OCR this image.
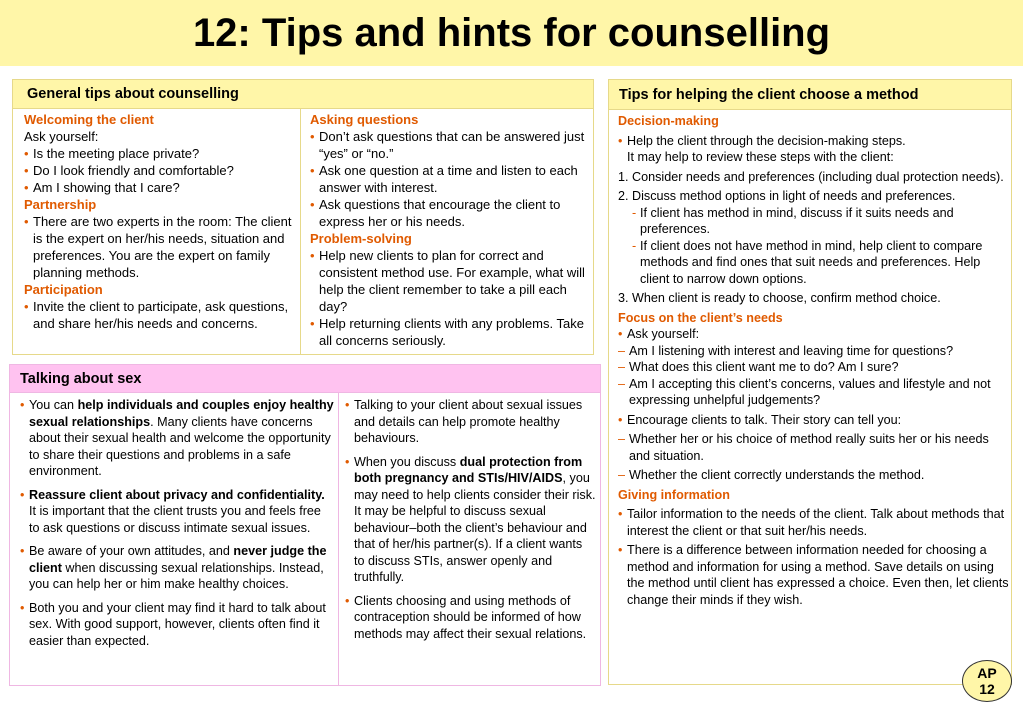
12: Tips and hints for counselling
General tips about counselling
Welcoming the client
Ask yourself:
• Is the meeting place private?
• Do I look friendly and comfortable?
• Am I showing that I care?
Partnership
• There are two experts in the room: The client is the expert on her/his needs, situation and preferences. You are the expert on family planning methods.
Participation
• Invite the client to participate, ask questions, and share her/his needs and concerns.
Asking questions
• Don’t ask questions that can be answered just “yes” or “no.”
• Ask one question at a time and listen to each answer with interest.
• Ask questions that encourage the client to express her or his needs.
Problem-solving
• Help new clients to plan for correct and consistent method use. For example, what will help the client remember to take a pill each day?
• Help returning clients with any problems. Take all concerns seriously.
Talking about sex
• You can help individuals and couples enjoy healthy sexual relationships. Many clients have concerns about their sexual health and welcome the opportunity to share their questions and problems in a safe environment.
• Reassure client about privacy and confidentiality. It is important that the client trusts you and feels free to ask questions or discuss intimate sexual issues.
• Be aware of your own attitudes, and never judge the client when discussing sexual relationships. Instead, you can help her or him make healthy choices.
• Both you and your client may find it hard to talk about sex. With good support, however, clients often find it easier than expected.
• Talking to your client about sexual issues and details can help promote healthy behaviours.
• When you discuss dual protection from both pregnancy and STIs/HIV/AIDS, you may need to help clients consider their risk. It may be helpful to discuss sexual behaviour–both the client’s behaviour and that of her/his partner(s). If a client wants to discuss STIs, answer openly and truthfully.
• Clients choosing and using methods of contraception should be informed of how methods may affect their sexual relations.
Tips for helping the client choose a method
Decision-making
• Help the client through the decision-making steps.
It may help to review these steps with the client:
1. Consider needs and preferences (including dual protection needs).
2. Discuss method options in light of needs and preferences.
- If client has method in mind, discuss if it suits needs and preferences.
- If client does not have method in mind, help client to compare methods and find ones that suit needs and preferences. Help client to narrow down options.
3. When client is ready to choose, confirm method choice.
Focus on the client’s needs
• Ask yourself:
– Am I listening with interest and leaving time for questions?
– What does this client want me to do? Am I sure?
– Am I accepting this client’s concerns, values and lifestyle and not expressing unhelpful judgements?
• Encourage clients to talk. Their story can tell you:
– Whether her or his choice of method really suits her or his needs and situation.
– Whether the client correctly understands the method.
Giving information
• Tailor information to the needs of the client. Talk about methods that interest the client or that suit her/his needs.
• There is a difference between information needed for choosing a method and information for using a method. Save details on using the method until client has expressed a choice. Even then, let clients change their minds if they wish.
AP
12
